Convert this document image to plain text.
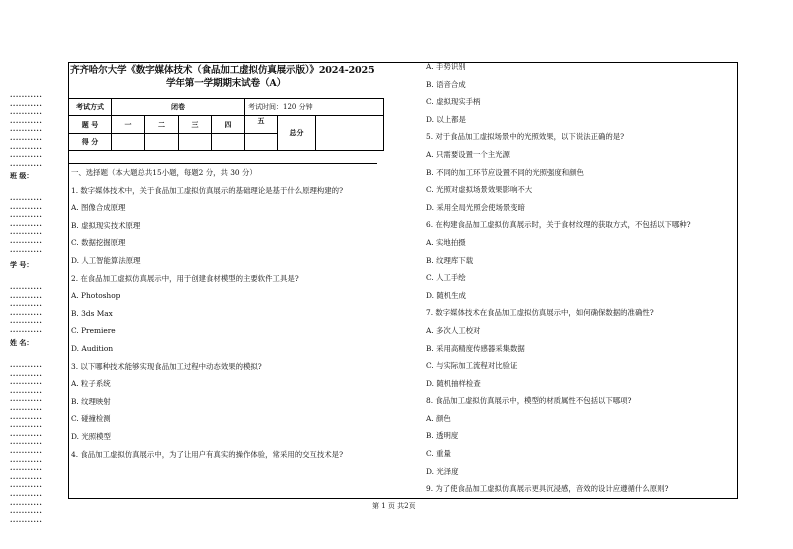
···········
···········
···········
···········
···········
···········
···········
···········
···········
班 级：
···········
···········
···········
···········
···········
···········
···········
学 号：
···········
···········
···········
···········
···········
···········
姓 名：
···········
···········
···········
···········
···········
···········
···········
···········
···········
···········
···········
···········
···········
···········
···········
···········
···········
···········
···········
齐齐哈尔大学《数字媒体技术（食品加工虚拟仿真展示版）》2024-2025
学年第一学期期末试卷（A）
考试方式	闭卷	考试时间：120 分钟
题 号	一	二	三	四	五	总分	
得 分					
一、选择题（本大题总共15小题，每题2 分，共 30 分）
1. 数字媒体技术中，关于食品加工虚拟仿真展示的基础理论是基于什么原理构建的?
A. 图像合成原理
B. 虚拟现实技术原理
C. 数据挖掘原理
D. 人工智能算法原理
2. 在食品加工虚拟仿真展示中，用于创建食材模型的主要软件工具是?
A. Photoshop
B. 3ds Max
C. Premiere
D. Audition
3. 以下哪种技术能够实现食品加工过程中动态效果的模拟?
A. 粒子系统
B. 纹理映射
C. 碰撞检测
D. 光照模型
4. 食品加工虚拟仿真展示中，为了让用户有真实的操作体验，常采用的交互技术是?
A. 手势识别
B. 语音合成
C. 虚拟现实手柄
D. 以上都是
5. 对于食品加工虚拟场景中的光照效果，以下说法正确的是?
A. 只需要设置一个主光源
B. 不同的加工环节应设置不同的光照强度和颜色
C. 光照对虚拟场景效果影响不大
D. 采用全局光照会使场景变暗
6. 在构建食品加工虚拟仿真展示时，关于食材纹理的获取方式，不包括以下哪种?
A. 实地拍摄
B. 纹理库下载
C. 人工手绘
D. 随机生成
7. 数字媒体技术在食品加工虚拟仿真展示中，如何确保数据的准确性?
A. 多次人工校对
B. 采用高精度传感器采集数据
C. 与实际加工流程对比验证
D. 随机抽样检查
8. 食品加工虚拟仿真展示中，模型的材质属性不包括以下哪项?
A. 颜色
B. 透明度
C. 重量
D. 光泽度
9. 为了使食品加工虚拟仿真展示更具沉浸感，音效的设计应遵循什么原则?
第 1 页 共2页
